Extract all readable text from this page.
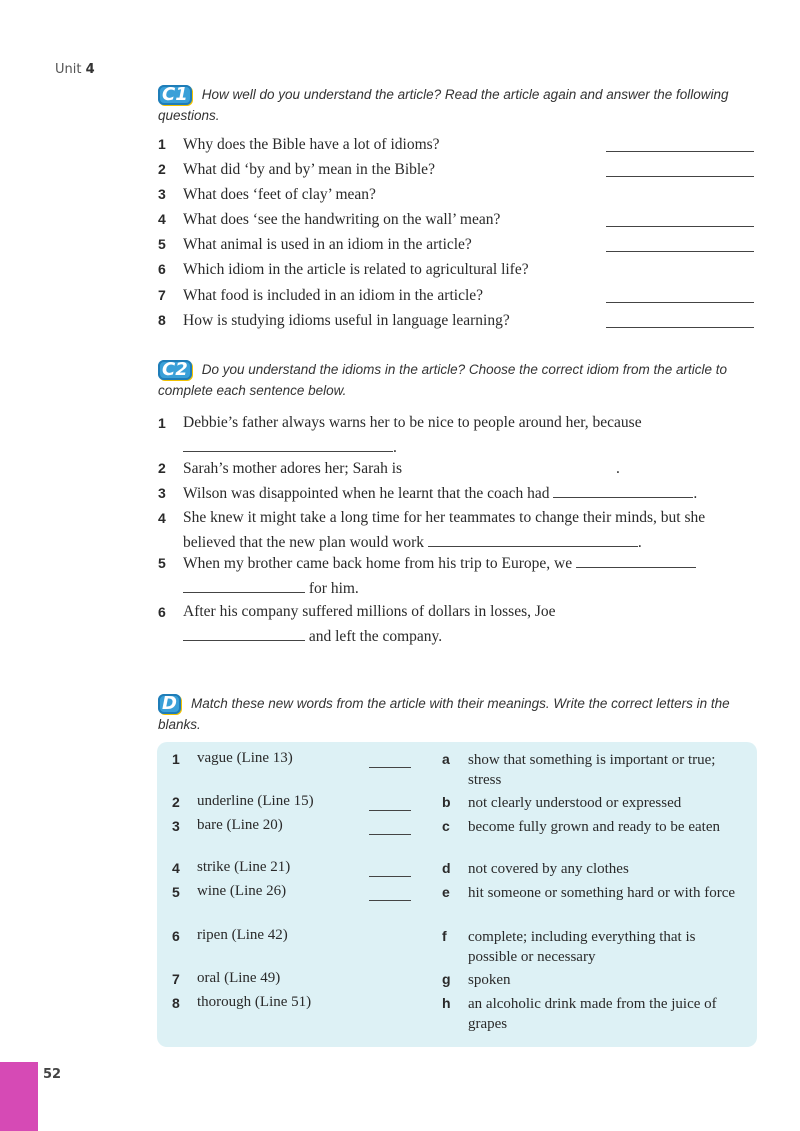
Unit 4
C1 How well do you understand the article? Read the article again and answer the following questions.
1 Why does the Bible have a lot of idioms?
2 What did ‘by and by’ mean in the Bible?
3 What does ‘feet of clay’ mean?
4 What does ‘see the handwriting on the wall’ mean?
5 What animal is used in an idiom in the article?
6 Which idiom in the article is related to agricultural life?
7 What food is included in an idiom in the article?
8 How is studying idioms useful in language learning?
C2 Do you understand the idioms in the article? Choose the correct idiom from the article to complete each sentence below.
1 Debbie’s father always warns her to be nice to people around her, because
.
2 Sarah’s mother adores her; Sarah is	.
3 Wilson was disappointed when he learnt that the coach had	.
4 She knew it might take a long time for her teammates to change their minds, but she believed that the new plan would work	.
5 When my brother came back home from his trip to Europe, we
for him.
6 After his company suffered millions of dollars in losses, Joe
and left the company.
D Match these new words from the article with their meanings. Write the correct letters in the blanks.
1 vague (Line 13)	a show that something is important or true; stress
2 underline (Line 15)	b not clearly understood or expressed
3 bare (Line 20)	c become fully grown and ready to be eaten
4 strike (Line 21)	d not covered by any clothes
5 wine (Line 26)	e hit someone or something hard or with force
6 ripen (Line 42)	f complete; including everything that is possible or necessary
7 oral (Line 49)	g spoken
8 thorough (Line 51)	h an alcoholic drink made from the juice of grapes
52
